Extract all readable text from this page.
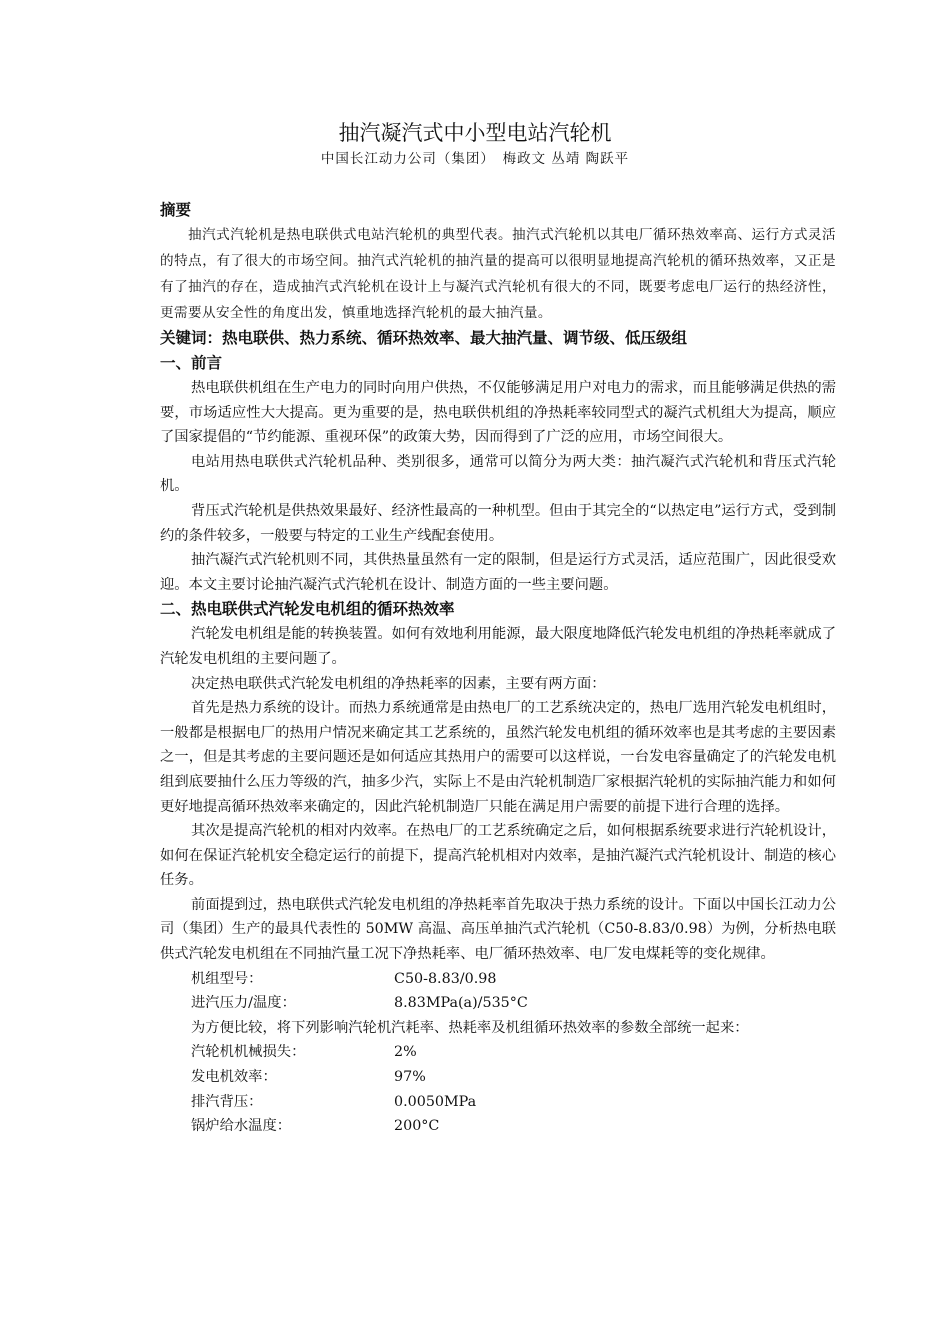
抽汽凝汽式中小型电站汽轮机
中国长江动力公司（集团）　梅政文 丛靖 陶跃平
摘要

抽汽式汽轮机是热电联供式电站汽轮机的典型代表。抽汽式汽轮机以其电厂循环热效率高、运行方式灵活的特点，有了很大的市场空间。抽汽式汽轮机的抽汽量的提高可以很明显地提高汽轮机的循环热效率，又正是有了抽汽的存在，造成抽汽式汽轮机在设计上与凝汽式汽轮机有很大的不同，既要考虑电厂运行的热经济性，更需要从安全性的角度出发，慎重地选择汽轮机的最大抽汽量。

关键词：热电联供、热力系统、循环热效率、最大抽汽量、调节级、低压级组
一、前言

热电联供机组在生产电力的同时向用户供热，不仅能够满足用户对电力的需求，而且能够满足供热的需要，市场适应性大大提高。更为重要的是，热电联供机组的净热耗率较同型式的凝汽式机组大为提高，顺应了国家提倡的“节约能源、重视环保”的政策大势，因而得到了广泛的应用，市场空间很大。

电站用热电联供式汽轮机品种、类别很多，通常可以简分为两大类：抽汽凝汽式汽轮机和背压式汽轮机。

背压式汽轮机是供热效果最好、经济性最高的一种机型。但由于其完全的“以热定电”运行方式，受到制约的条件较多，一般要与特定的工业生产线配套使用。

抽汽凝汽式汽轮机则不同，其供热量虽然有一定的限制，但是运行方式灵活，适应范围广，因此很受欢迎。本文主要讨论抽汽凝汽式汽轮机在设计、制造方面的一些主要问题。

二、热电联供式汽轮发电机组的循环热效率

汽轮发电机组是能的转换装置。如何有效地利用能源，最大限度地降低汽轮发电机组的净热耗率就成了汽轮发电机组的主要问题了。

决定热电联供式汽轮发电机组的净热耗率的因素，主要有两方面：

首先是热力系统的设计。而热力系统通常是由热电厂的工艺系统决定的，热电厂选用汽轮发电机组时，一般都是根据电厂的热用户情况来确定其工艺系统的，虽然汽轮发电机组的循环效率也是其考虑的主要因素之一，但是其考虑的主要问题还是如何适应其热用户的需要可以这样说，一台发电容量确定了的汽轮发电机组到底要抽什么压力等级的汽，抽多少汽，实际上不是由汽轮机制造厂家根据汽轮机的实际抽汽能力和如何更好地提高循环热效率来确定的，因此汽轮机制造厂只能在满足用户需要的前提下进行合理的选择。

其次是提高汽轮机的相对内效率。在热电厂的工艺系统确定之后，如何根据系统要求进行汽轮机设计，如何在保证汽轮机安全稳定运行的前提下，提高汽轮机相对内效率，是抽汽凝汽式汽轮机设计、制造的核心任务。

前面提到过，热电联供式汽轮发电机组的净热耗率首先取决于热力系统的设计。下面以中国长江动力公司（集团）生产的最具代表性的 50MW 高温、高压单抽汽式汽轮机（C50-8.83/0.98）为例，分析热电联供式汽轮发电机组在不同抽汽量工况下净热耗率、电厂循环热效率、电厂发电煤耗等的变化规律。

机组型号：	C50-8.83/0.98
进汽压力/温度：	8.83MPa(a)/535°C

为方便比较，将下列影响汽轮机汽耗率、热耗率及机组循环热效率的参数全部统一起来：

汽轮机机械损失：	2%
发电机效率：	97%
排汽背压：	0.0050MPa
锅炉给水温度：	200°C
